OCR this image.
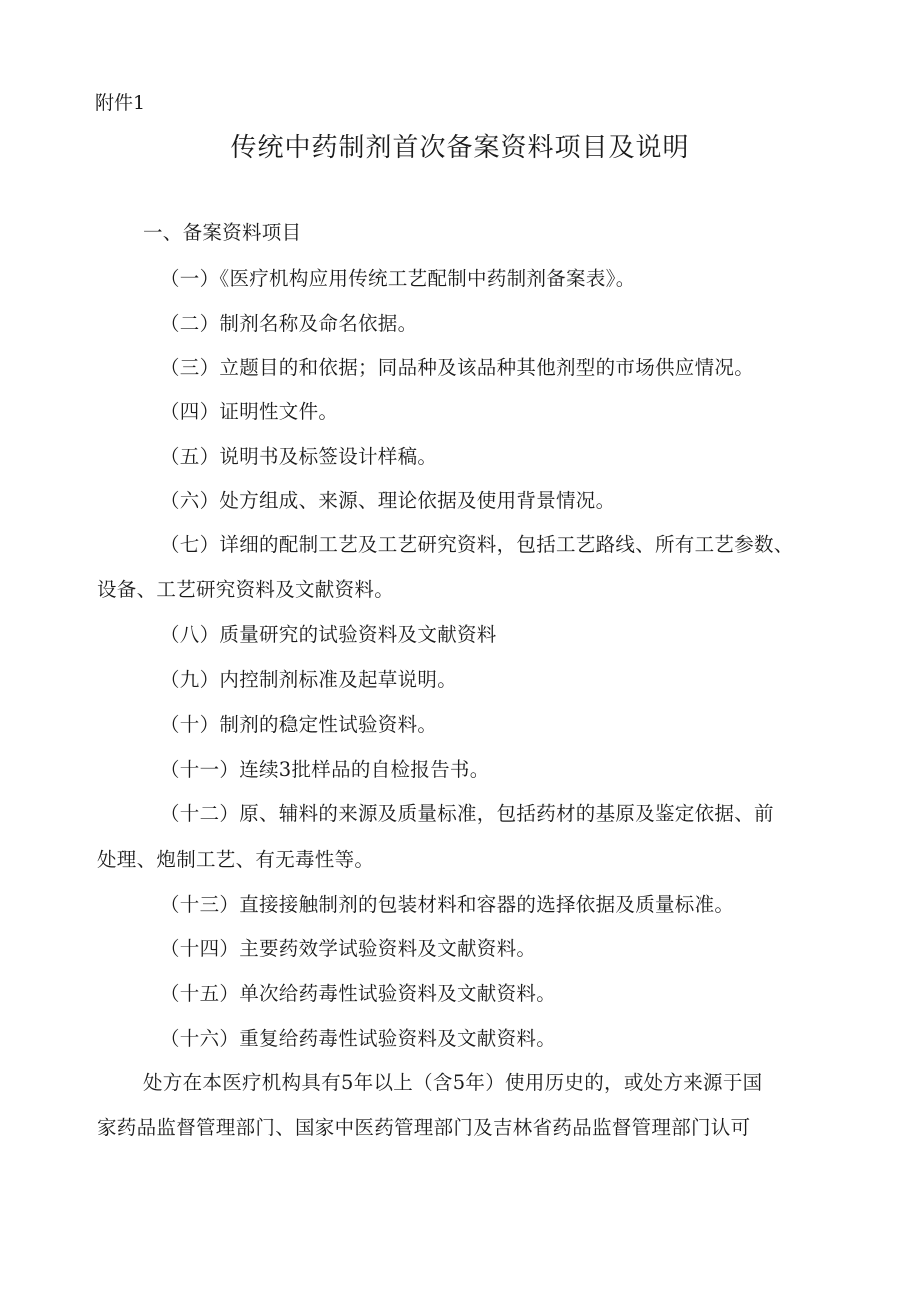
附件1
传统中药制剂首次备案资料项目及说明
一、备案资料项目
（一）《医疗机构应用传统工艺配制中药制剂备案表》。
（二）制剂名称及命名依据。
（三）立题目的和依据；同品种及该品种其他剂型的市场供应情况。
（四）证明性文件。
（五）说明书及标签设计样稿。
（六）处方组成、来源、理论依据及使用背景情况。
（七）详细的配制工艺及工艺研究资料，包括工艺路线、所有工艺参数、
设备、工艺研究资料及文献资料。
（八）质量研究的试验资料及文献资料
（九）内控制剂标准及起草说明。
（十）制剂的稳定性试验资料。
（十一）连续3批样品的自检报告书。
（十二）原、辅料的来源及质量标准，包括药材的基原及鉴定依据、前
处理、炮制工艺、有无毒性等。
（十三）直接接触制剂的包装材料和容器的选择依据及质量标准。
（十四）主要药效学试验资料及文献资料。
（十五）单次给药毒性试验资料及文献资料。
（十六）重复给药毒性试验资料及文献资料。
处方在本医疗机构具有5年以上（含5年）使用历史的，或处方来源于国
家药品监督管理部门、国家中医药管理部门及吉林省药品监督管理部门认可
